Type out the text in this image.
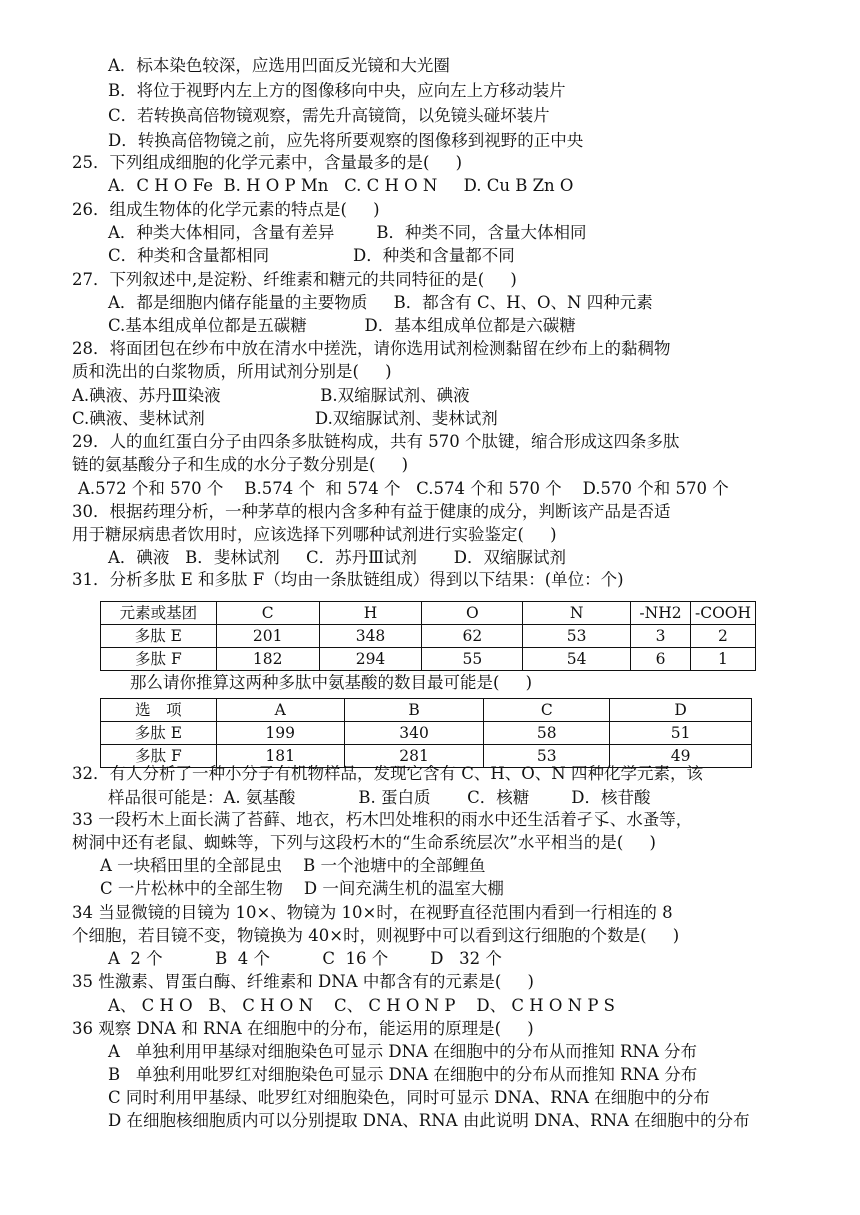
A．标本染色较深，应选用凹面反光镜和大光圈
B．将位于视野内左上方的图像移向中央，应向左上方移动装片
C．若转换高倍物镜观察，需先升高镜筒，以免镜头碰坏装片
D．转换高倍物镜之前，应先将所要观察的图像移到视野的正中央
25．下列组成细胞的化学元素中，含量最多的是(     )
A．C H O Fe  B. H O P Mn   C. C H O N     D. Cu B Zn O
26．组成生物体的化学元素的特点是(     )
A．种类大体相同，含量有差异        B．种类不同，含量大体相同
C．种类和含量都相同                D．种类和含量都不同
27．下列叙述中,是淀粉、纤维素和糖元的共同特征的是(     )
A．都是细胞内储存能量的主要物质     B．都含有 C、H、O、N 四种元素
C.基本组成单位都是五碳糖           D．基本组成单位都是六碳糖
28．将面团包在纱布中放在清水中搓洗，请你选用试剂检测黏留在纱布上的黏稠物
质和洗出的白浆物质，所用试剂分别是(     )
A.碘液、苏丹Ⅲ染液                   B.双缩脲试剂、碘液
C.碘液、斐林试剂                     D.双缩脲试剂、斐林试剂
29．人的血红蛋白分子由四条多肽链构成，共有 570 个肽键，缩合形成这四条多肽
链的氨基酸分子和生成的水分子数分别是(     )
A.572 个和 570 个    B.574 个  和 574 个   C.574 个和 570 个    D.570 个和 570 个
30．根据药理分析，一种茅草的根内含多种有益于健康的成分，判断该产品是否适
用于糖尿病患者饮用时，应该选择下列哪种试剂进行实验鉴定(     )
A．碘液   B．斐林试剂     C．苏丹Ⅲ试剂       D．双缩脲试剂
31．分析多肽 E 和多肽 F（均由一条肽链组成）得到以下结果：(单位：个)
元素或基团	C	H	O	N	-NH2	-COOH
多肽 E	201	348	62	53	3	2
多肽 F	182	294	55	54	6	1
那么请你推算这两种多肽中氨基酸的数目最可能是(     )
选　项	A	B	C	D
多肽 E	199	340	58	51
多肽 F	181	281	53	49
32．有人分析了一种小分子有机物样品，发现它含有 C、H、O、N 四种化学元素，该
样品很可能是：A. 氨基酸            B. 蛋白质       C．核糖        D．核苷酸
33 一段朽木上面长满了苔藓、地衣，朽木凹处堆积的雨水中还生活着孑孓、水蚤等，
树洞中还有老鼠、蜘蛛等，下列与这段朽木的“生命系统层次”水平相当的是(     )
A 一块稻田里的全部昆虫    B 一个池塘中的全部鲤鱼
C 一片松林中的全部生物    D 一间充满生机的温室大棚
34 当显微镜的目镜为 10×、物镜为 10×时，在视野直径范围内看到一行相连的 8
个细胞，若目镜不变，物镜换为 40×时，则视野中可以看到这行细胞的个数是(     )
A  2 个          B  4 个          C  16 个        D   32 个
35 性激素、胃蛋白酶、纤维素和 DNA 中都含有的元素是(     )
A、 C H O   B、 C H O N    C、 C H O N P    D、 C H O N P S
36 观察 DNA 和 RNA 在细胞中的分布，能运用的原理是(     )
A   单独利用甲基绿对细胞染色可显示 DNA 在细胞中的分布从而推知 RNA 分布
B   单独利用吡罗红对细胞染色可显示 DNA 在细胞中的分布从而推知 RNA 分布
C 同时利用甲基绿、吡罗红对细胞染色，同时可显示 DNA、RNA 在细胞中的分布
D 在细胞核细胞质内可以分别提取 DNA、RNA 由此说明 DNA、RNA 在细胞中的分布
